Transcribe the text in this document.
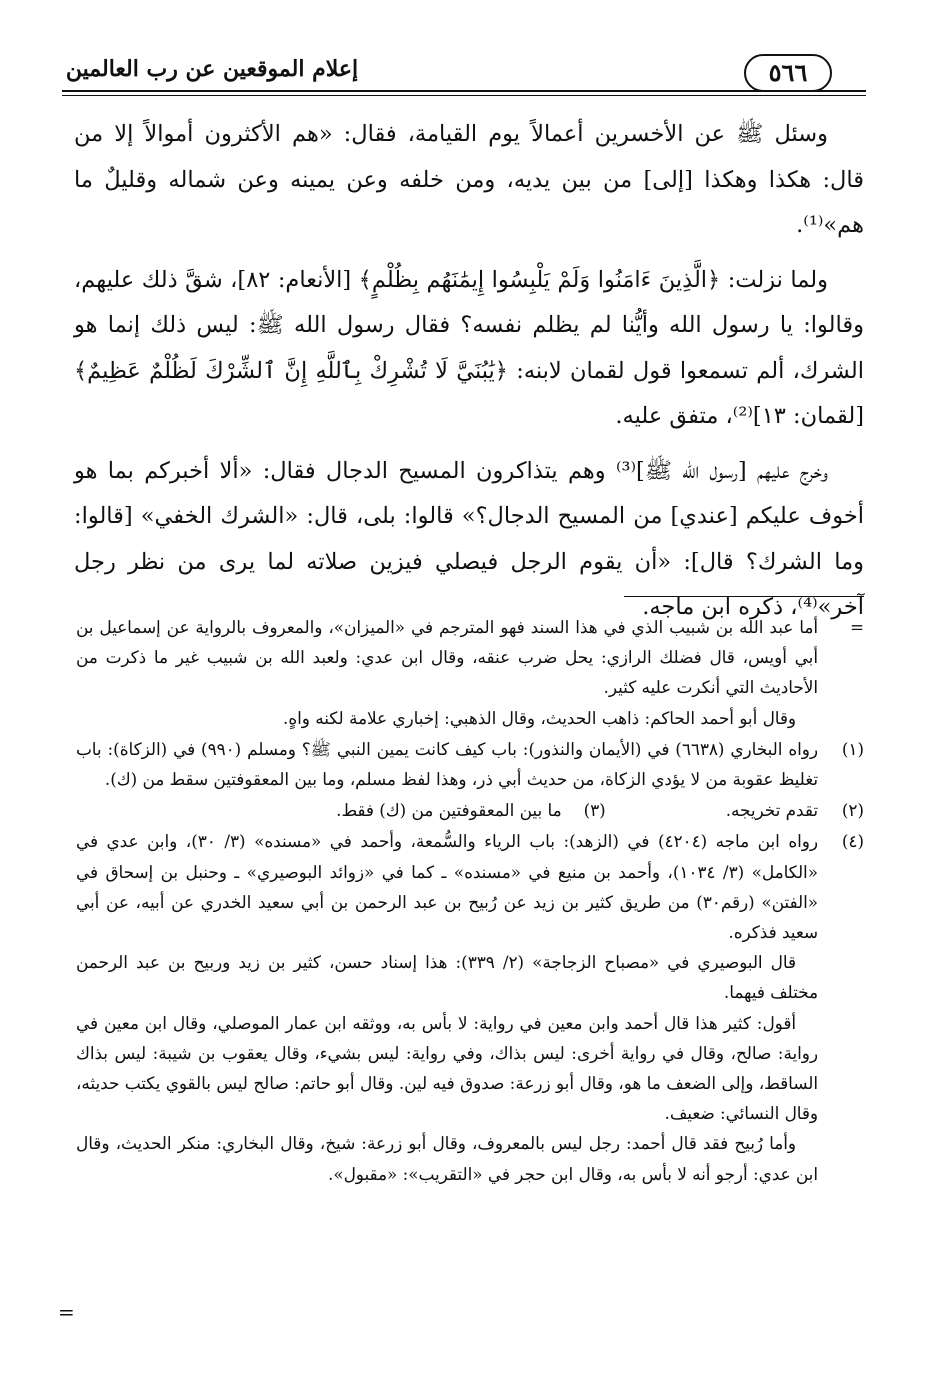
إعلام الموقعين عن رب العالمين	٥٦٦

وسئل ﷺ عن الأخسرين أعمالاً يوم القيامة، فقال: «هم الأكثرون أموالاً إلا من قال: هكذا وهكذا [إلى] من بين يديه، ومن خلفه وعن يمينه وعن شماله وقليلٌ ما هم»⁽¹⁾.

ولما نزلت: ﴿الَّذِينَ ءَامَنُوا وَلَمْ يَلْبِسُوا إِيمَٰنَهُم بِظُلْمٍ﴾ [الأنعام: ٨٢]، شقَّ ذلك عليهم، وقالوا: يا رسول الله وأيُّنا لم يظلم نفسه؟ فقال رسول الله ﷺ: ليس ذلك إنما هو الشرك، ألم تسمعوا قول لقمان لابنه: ﴿يَٰبُنَيَّ لَا تُشْرِكْ بِٱللَّهِ إِنَّ ٱلشِّرْكَ لَظُلْمٌ عَظِيمٌ﴾ [لقمان: ١٣]⁽²⁾، متفق عليه.

وخرج عليهم [رسول الله ﷺ]⁽³⁾ وهم يتذاكرون المسيح الدجال فقال: «ألا أخبركم بما هو أخوف عليكم [عندي] من المسيح الدجال؟» قالوا: بلى، قال: «الشرك الخفي» [قالوا: وما الشرك؟ قال]: «أن يقوم الرجل فيصلي فيزين صلاته لما يرى من نظر رجل آخر»⁽⁴⁾، ذكره ابن ماجه.

=

أما عبد الله بن شبيب الذي في هذا السند فهو المترجم في «الميزان»، والمعروف بالرواية عن إسماعيل بن أبي أويس، قال فضلك الرازي: يحل ضرب عنقه، وقال ابن عدي: ولعبد الله بن شبيب غير ما ذكرت من الأحاديث التي أنكرت عليه كثير.

وقال أبو أحمد الحاكم: ذاهب الحديث، وقال الذهبي: إخباري علامة لكنه واهٍ.

(١)

رواه البخاري (٦٦٣٨) في (الأيمان والنذور): باب كيف كانت يمين النبي ﷺ؟ ومسلم (٩٩٠) في (الزكاة): باب تغليظ عقوبة من لا يؤدي الزكاة، من حديث أبي ذر، وهذا لفظ مسلم، وما بين المعقوفتين سقط من (ك).

(٢)
تقدم تخريجه.
(٣)
ما بين المعقوفتين من (ك) فقط.
(٤)

رواه ابن ماجه (٤٢٠٤) في (الزهد): باب الرياء والسُّمعة، وأحمد في «مسنده» (٣/ ٣٠)، وابن عدي في «الكامل» (٣/ ١٠٣٤)، وأحمد بن منيع في «مسنده» ـ كما في «زوائد البوصيري» ـ وحنبل بن إسحاق في «الفتن» (رقم٣٠) من طريق كثير بن زيد عن رُبيح بن عبد الرحمن بن أبي سعيد الخدري عن أبيه، عن أبي سعيد فذكره.

قال البوصيري في «مصباح الزجاجة» (٢/ ٣٣٩): هذا إسناد حسن، كثير بن زيد وربيح بن عبد الرحمن مختلف فيهما.

أقول: كثير هذا قال أحمد وابن معين في رواية: لا بأس به، ووثقه ابن عمار الموصلي، وقال ابن معين في رواية: صالح، وقال في رواية أخرى: ليس بذاك، وفي رواية: ليس بشيء، وقال يعقوب بن شيبة: ليس بذاك الساقط، وإلى الضعف ما هو، وقال أبو زرعة: صدوق فيه لين. وقال أبو حاتم: صالح ليس بالقوي يكتب حديثه، وقال النسائي: ضعيف.

وأما رُبيح فقد قال أحمد: رجل ليس بالمعروف، وقال أبو زرعة: شيخ، وقال البخاري: منكر الحديث، وقال ابن عدي: أرجو أنه لا بأس به، وقال ابن حجر في «التقريب»: «مقبول».

=
